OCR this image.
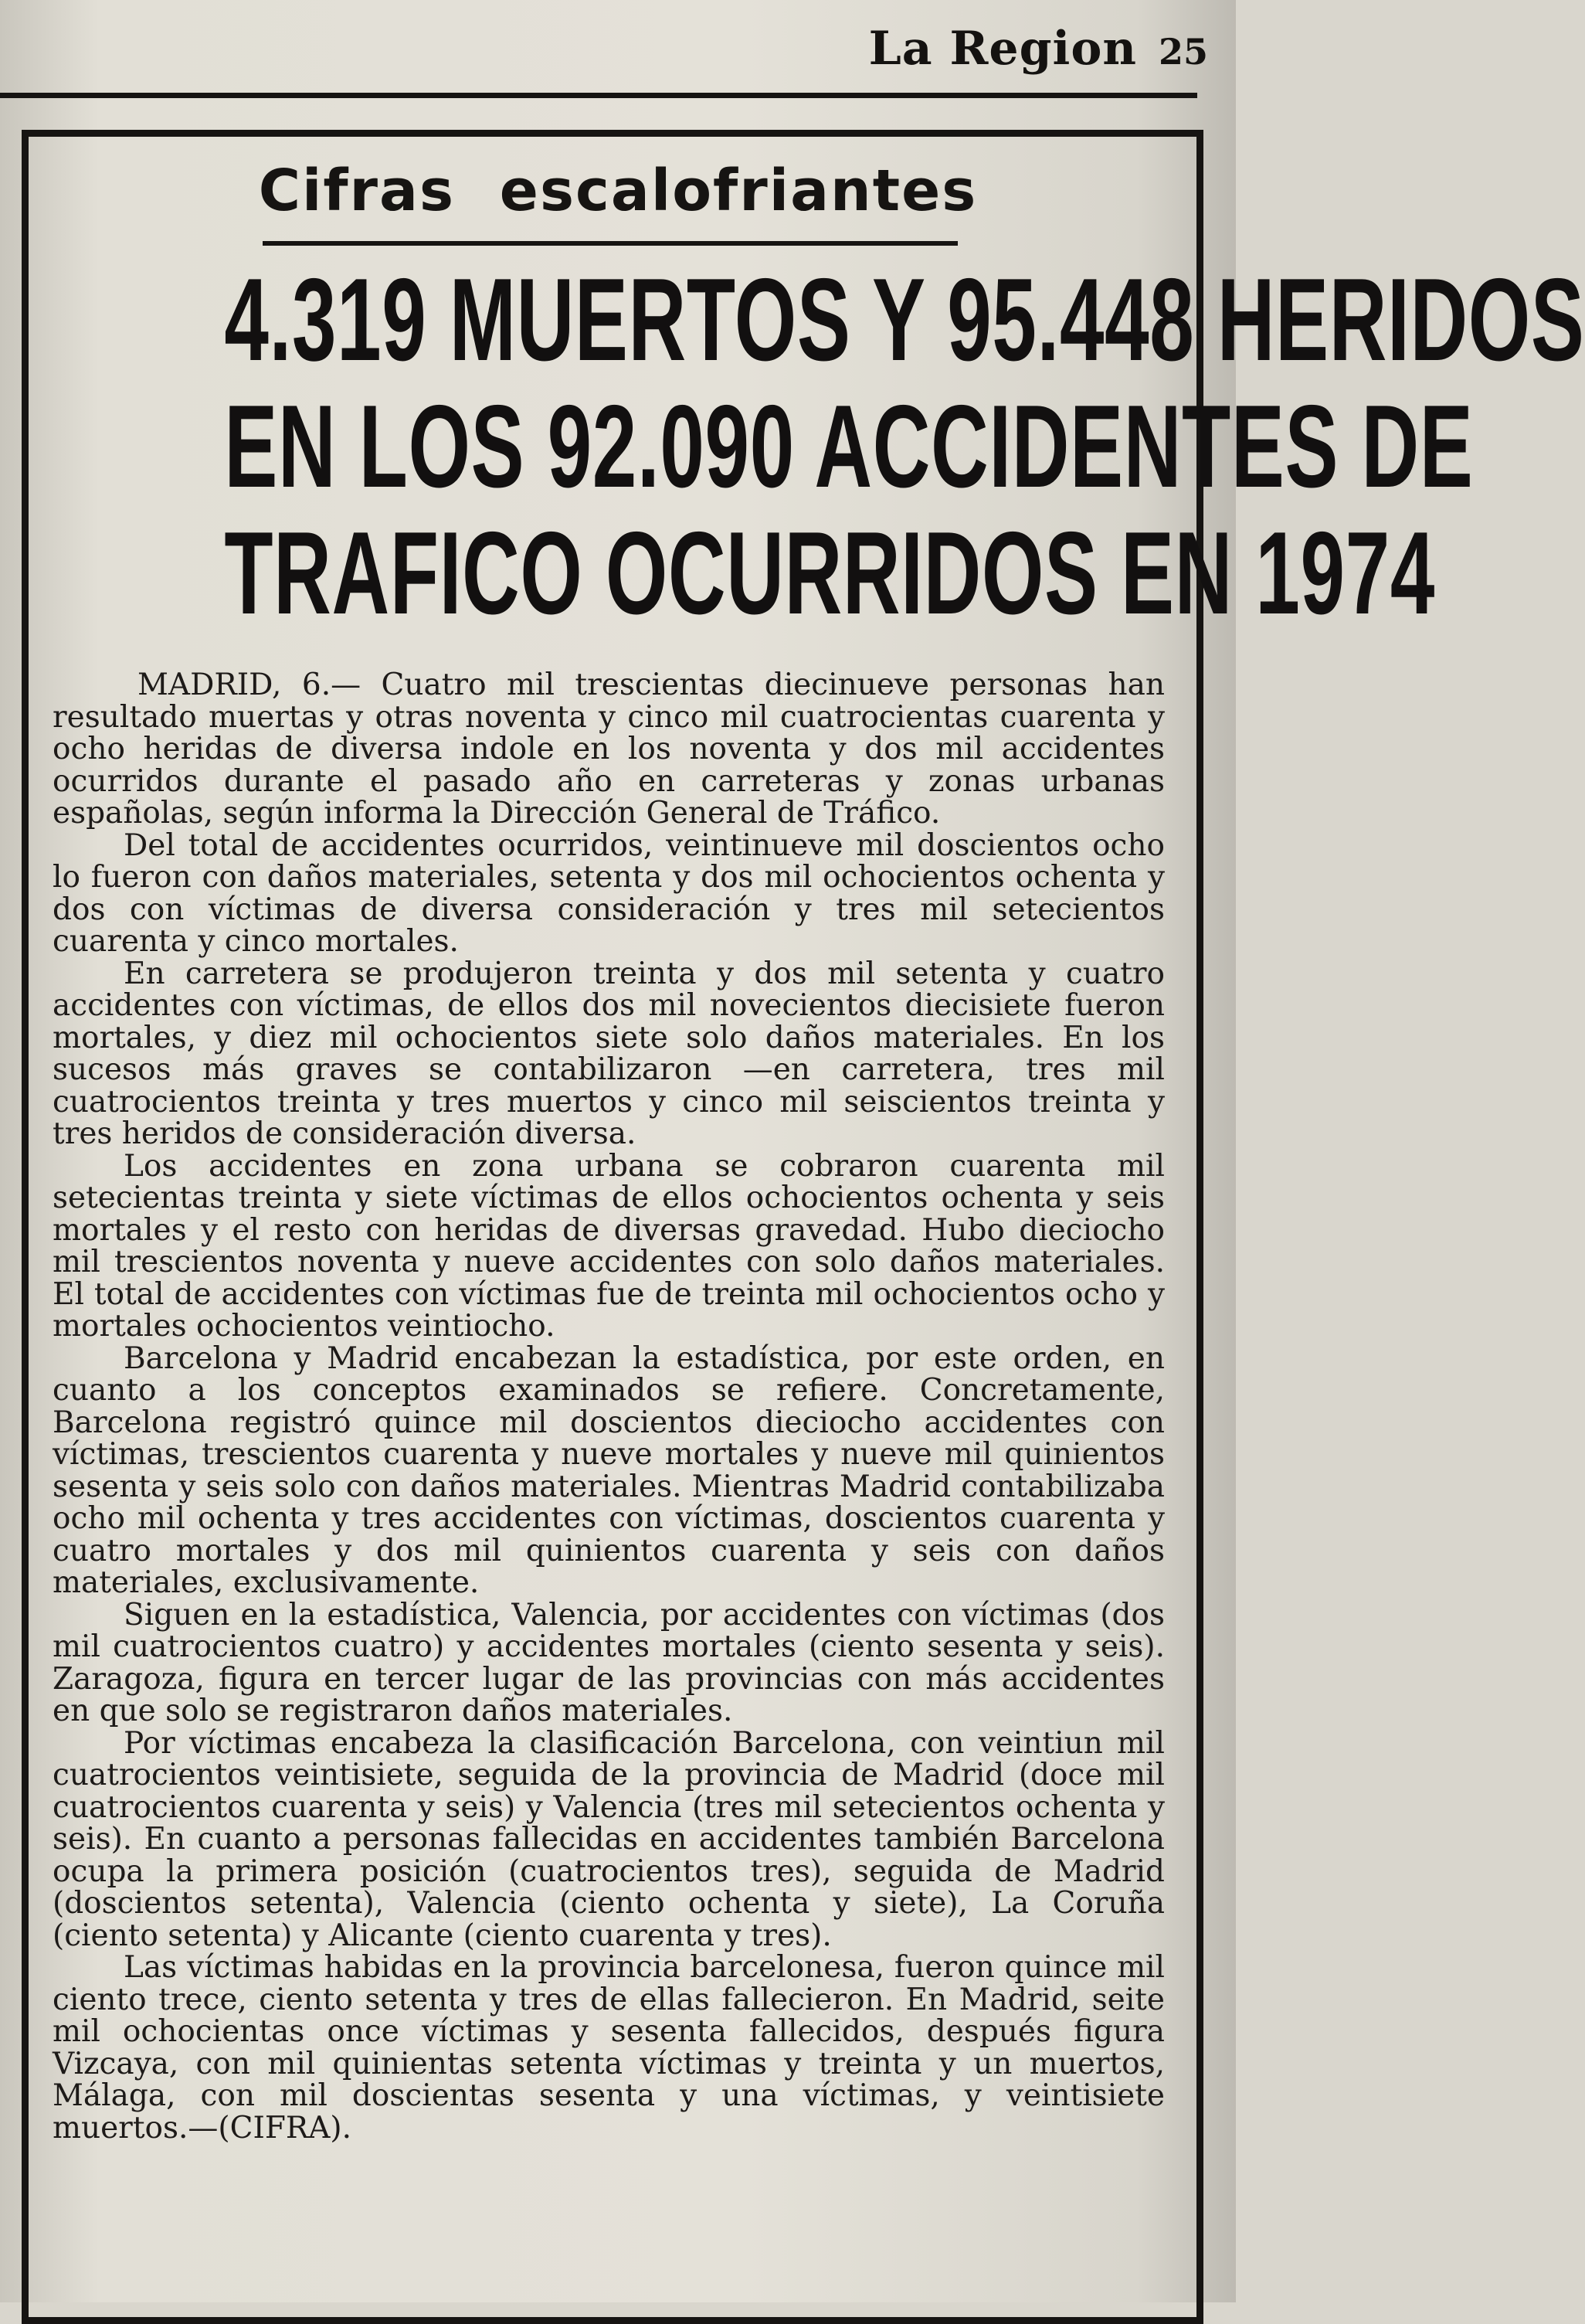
La Region 25
Cifras escalofriantes
4.319 MUERTOS Y 95.448 HERIDOS
EN LOS 92.090 ACCIDENTES DE
TRAFICO OCURRIDOS EN 1974

MADRID, 6.— Cuatro mil trescientas diecinueve personas han resultado muertas y otras noventa y cinco mil cuatrocientas cuarenta y ocho heridas de diversa indole en los noventa y dos mil accidentes ocurridos durante el pasado año en carreteras y zonas urbanas españolas, según informa la Dirección General de Tráfico.

Del total de accidentes ocurridos, veintinueve mil doscientos ocho lo fueron con daños materiales, setenta y dos mil ochocientos ochenta y dos con víctimas de diversa consideración y tres mil setecientos cuarenta y cinco mortales.

En carretera se produjeron treinta y dos mil setenta y cuatro accidentes con víctimas, de ellos dos mil novecientos diecisiete fueron mortales, y diez mil ochocientos siete solo daños materiales. En los sucesos más graves se contabilizaron —en carretera, tres mil cuatrocientos treinta y tres muertos y cinco mil seiscientos treinta y tres heridos de consideración diversa.

Los accidentes en zona urbana se cobraron cuarenta mil setecientas treinta y siete víctimas de ellos ochocientos ochenta y seis mortales y el resto con heridas de diversas gravedad. Hubo dieciocho mil trescientos noventa y nueve accidentes con solo daños materiales. El total de accidentes con víctimas fue de treinta mil ochocientos ocho y mortales ochocientos veintiocho.

Barcelona y Madrid encabezan la estadística, por este orden, en cuanto a los conceptos examinados se refiere. Concretamente, Barcelona registró quince mil doscientos dieciocho accidentes con víctimas, trescientos cuarenta y nueve mortales y nueve mil quinientos sesenta y seis solo con daños materiales. Mientras Madrid contabilizaba ocho mil ochenta y tres accidentes con víctimas, doscientos cuarenta y cuatro mortales y dos mil quinientos cuarenta y seis con daños materiales, exclusivamente.

Siguen en la estadística, Valencia, por accidentes con víctimas (dos mil cuatrocientos cuatro) y accidentes mortales (ciento sesenta y seis). Zaragoza, figura en tercer lugar de las provincias con más accidentes en que solo se registraron daños materiales.

Por víctimas encabeza la clasificación Barcelona, con veintiun mil cuatrocientos veintisiete, seguida de la provincia de Madrid (doce mil cuatrocientos cuarenta y seis) y Valencia (tres mil setecientos ochenta y seis). En cuanto a personas fallecidas en accidentes también Barcelona ocupa la primera posición (cuatrocientos tres), seguida de Madrid (doscientos setenta), Valencia (ciento ochenta y siete), La Coruña (ciento setenta) y Alicante (ciento cuarenta y tres).

Las víctimas habidas en la provincia barcelonesa, fueron quince mil ciento trece, ciento setenta y tres de ellas fallecieron. En Madrid, seite mil ochocientas once víctimas y sesenta fallecidos, después figura Vizcaya, con mil quinientas setenta víctimas y treinta y un muertos, Málaga, con mil doscientas sesenta y una víctimas, y veintisiete muertos.—(CIFRA).
